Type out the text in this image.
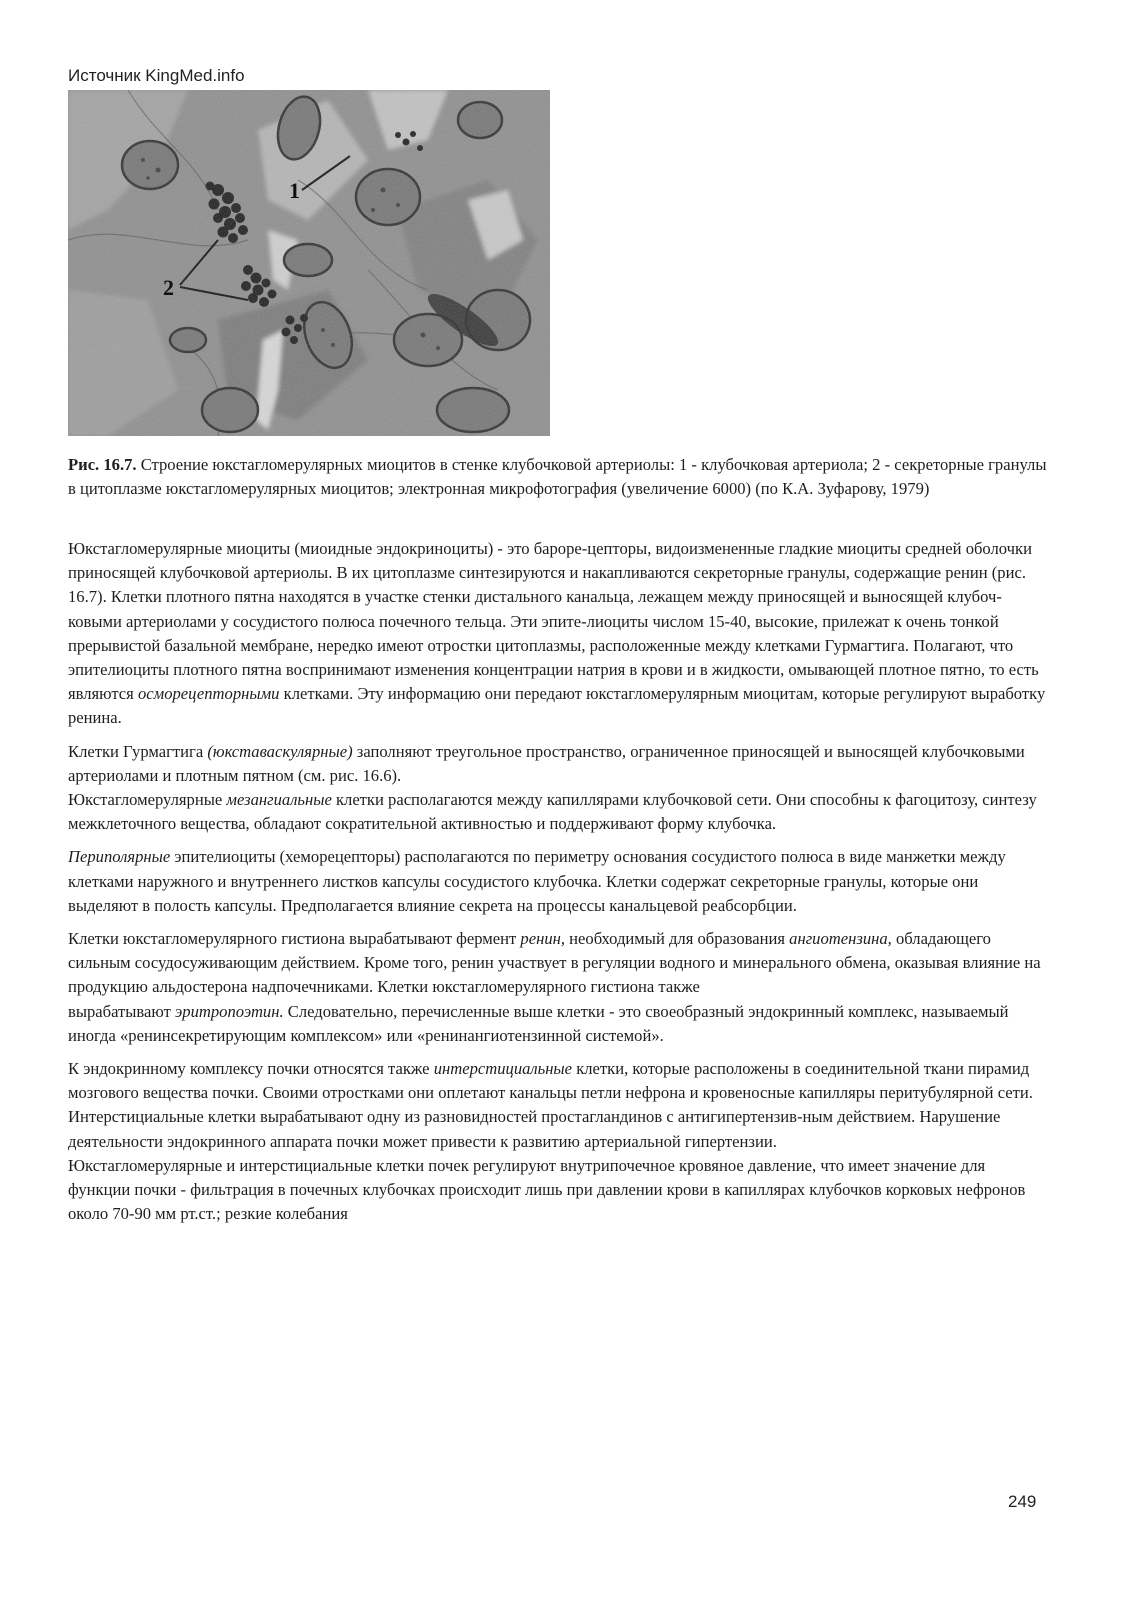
Источник KingMed.info
1
2

Рис. 16.7. Строение юкстагломерулярных миоцитов в стенке клубочковой артериолы: 1 - клубочковая артериола; 2 - секреторные гранулы в цитоплазме юкстагломерулярных миоцитов; электронная микрофотография (увеличение 6000) (по К.А. Зуфарову, 1979)

Юкстагломерулярные миоциты (миоидные эндокриноциты) - это бароре-цепторы, видоизмененные гладкие миоциты средней оболочки приносящей клубочковой артериолы. В их цитоплазме синтезируются и накапливаются секреторные гранулы, содержащие ренин (рис. 16.7). Клетки плотного пятна находятся в участке стенки дистального канальца, лежащем между приносящей и выносящей клубоч-ковыми артериолами у сосудистого полюса почечного тельца. Эти эпите-лиоциты числом 15-40, высокие, прилежат к очень тонкой прерывистой базальной мембране, нередко имеют отростки цитоплазмы, расположенные между клетками Гурмагтига. Полагают, что эпителиоциты плотного пятна воспринимают изменения концентрации натрия в крови и в жидкости, омывающей плотное пятно, то есть являются осморецепторными клетками. Эту информацию они передают юкстагломерулярным миоцитам, которые регулируют выработку ренина.

Клетки Гурмагтига (юкставаскулярные) заполняют треугольное пространство, ограниченное приносящей и выносящей клубочковыми артериолами и плотным пятном (см. рис. 16.6).
Юкстагломерулярные мезангиальные клетки располагаются между капиллярами клубочковой сети. Они способны к фагоцитозу, синтезу межклеточного вещества, обладают сократительной активностью и поддерживают форму клубочка.

Периполярные эпителиоциты (хеморецепторы) располагаются по периметру основания сосудистого полюса в виде манжетки между клетками наружного и внутреннего листков капсулы сосудистого клубочка. Клетки содержат секреторные гранулы, которые они выделяют в полость капсулы. Предполагается влияние секрета на процессы канальцевой реабсорбции.

Клетки юкстагломерулярного гистиона вырабатывают фермент ренин, необходимый для образования ангиотензина, обладающего сильным сосудосуживающим действием. Кроме того, ренин участвует в регуляции водного и минерального обмена, оказывая влияние на продукцию альдостерона надпочечниками. Клетки юкстагломерулярного гистиона также
вырабатывают эритропоэтин. Следовательно, перечисленные выше клетки - это своеобразный эндокринный комплекс, называемый иногда «ренинсекретирующим комплексом» или «ренинангиотензинной системой».

К эндокринному комплексу почки относятся также интерстициальные клетки, которые расположены в соединительной ткани пирамид мозгового вещества почки. Своими отростками они оплетают канальцы петли нефрона и кровеносные капилляры перитубулярной сети. Интерстициальные клетки вырабатывают одну из разновидностей простагландинов с антигипертензив-ным действием. Нарушение деятельности эндокринного аппарата почки может привести к развитию артериальной гипертензии.
Юкстагломерулярные и интерстициальные клетки почек регулируют внутрипочечное кровяное давление, что имеет значение для функции почки - фильтрация в почечных клубочках происходит лишь при давлении крови в капиллярах клубочков корковых нефронов около 70-90 мм рт.ст.; резкие колебания

249
